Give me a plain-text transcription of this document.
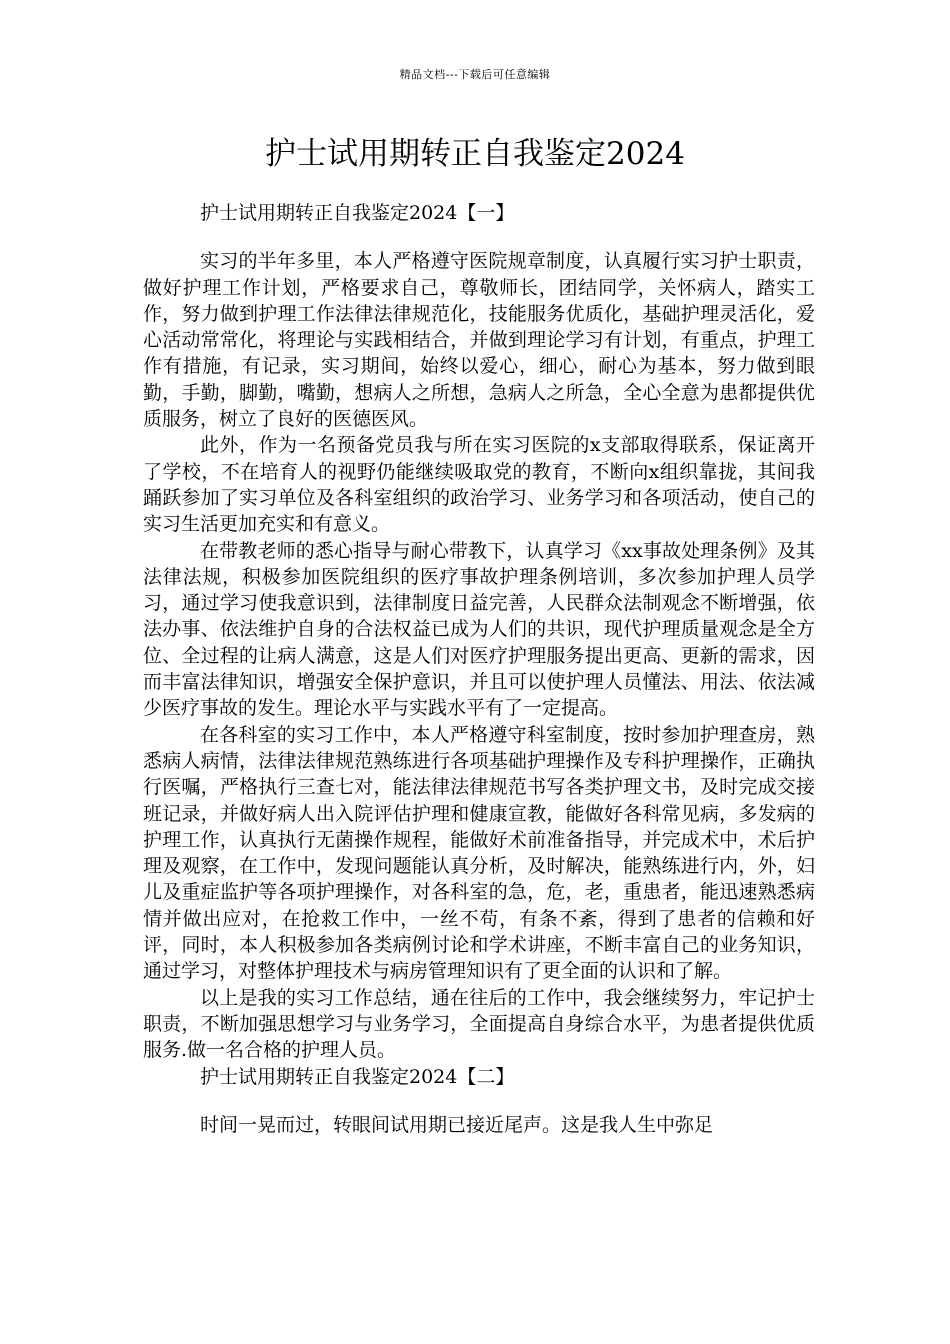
精品文档---下载后可任意编辑
护士试用期转正自我鉴定2024
护士试用期转正自我鉴定2024【一】

实习的半年多里，本人严格遵守医院规章制度，认真履行实习护士职责，做好护理工作计划，严格要求自己，尊敬师长，团结同学，关怀病人，踏实工作，努力做到护理工作法律法律规范化，技能服务优质化，基础护理灵活化，爱心活动常常化，将理论与实践相结合，并做到理论学习有计划，有重点，护理工作有措施，有记录，实习期间，始终以爱心，细心，耐心为基本，努力做到眼勤，手勤，脚勤，嘴勤，想病人之所想，急病人之所急，全心全意为患都提供优质服务，树立了良好的医德医风。

此外，作为一名预备党员我与所在实习医院的x支部取得联系，保证离开了学校，不在培育人的视野仍能继续吸取党的教育，不断向x组织靠拢，其间我踊跃参加了实习单位及各科室组织的政治学习、业务学习和各项活动，使自己的实习生活更加充实和有意义。

在带教老师的悉心指导与耐心带教下，认真学习《xx事故处理条例》及其法律法规，积极参加医院组织的医疗事故护理条例培训，多次参加护理人员学习，通过学习使我意识到，法律制度日益完善，人民群众法制观念不断增强，依法办事、依法维护自身的合法权益已成为人们的共识，现代护理质量观念是全方位、全过程的让病人满意，这是人们对医疗护理服务提出更高、更新的需求，因而丰富法律知识，增强安全保护意识，并且可以使护理人员懂法、用法、依法减少医疗事故的发生。理论水平与实践水平有了一定提高。

在各科室的实习工作中，本人严格遵守科室制度，按时参加护理查房，熟悉病人病情，法律法律规范熟练进行各项基础护理操作及专科护理操作，正确执行医嘱，严格执行三查七对，能法律法律规范书写各类护理文书，及时完成交接班记录，并做好病人出入院评估护理和健康宣教，能做好各科常见病，多发病的护理工作，认真执行无菌操作规程，能做好术前准备指导，并完成术中，术后护理及观察，在工作中，发现问题能认真分析，及时解决，能熟练进行内，外，妇儿及重症监护等各项护理操作，对各科室的急，危，老，重患者，能迅速熟悉病情并做出应对，在抢救工作中，一丝不苟，有条不紊，得到了患者的信赖和好评，同时，本人积极参加各类病例讨论和学术讲座，不断丰富自己的业务知识，通过学习，对整体护理技术与病房管理知识有了更全面的认识和了解。

以上是我的实习工作总结，通在往后的工作中，我会继续努力，牢记护士职责，不断加强思想学习与业务学习，全面提高自身综合水平，为患者提供优质服务.做一名合格的护理人员。

护士试用期转正自我鉴定2024【二】

时间一晃而过，转眼间试用期已接近尾声。这是我人生中弥足
